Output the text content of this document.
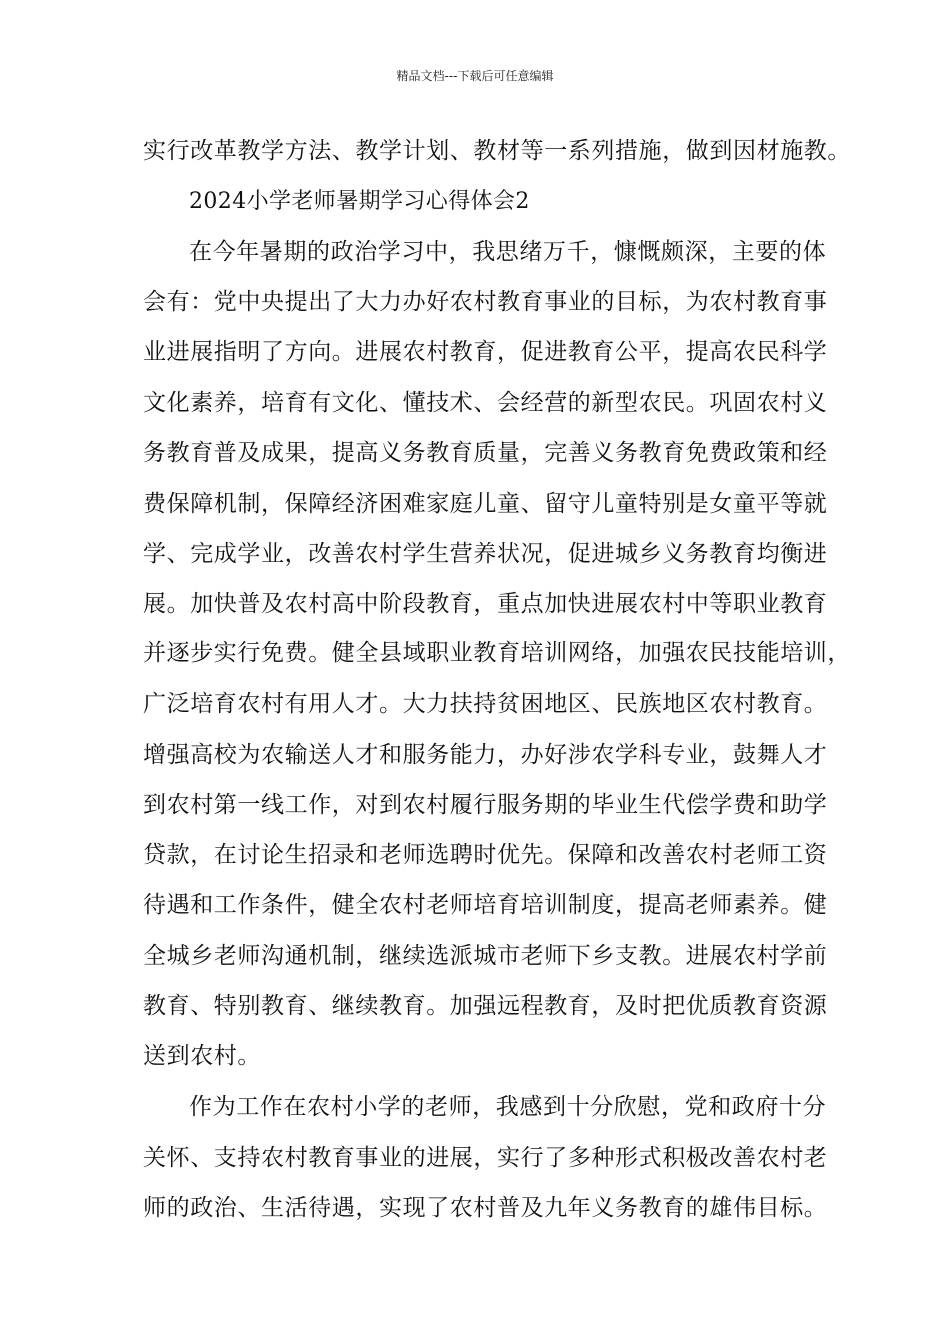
精品文档---下载后可任意编辑
实行改革教学方法、教学计划、教材等一系列措施，做到因材施教。
2024小学老师暑期学习心得体会2
在今年暑期的政治学习中，我思绪万千，慷慨颇深，主要的体
会有：党中央提出了大力办好农村教育事业的目标，为农村教育事
业进展指明了方向。进展农村教育，促进教育公平，提高农民科学
文化素养，培育有文化、懂技术、会经营的新型农民。巩固农村义
务教育普及成果，提高义务教育质量，完善义务教育免费政策和经
费保障机制，保障经济困难家庭儿童、留守儿童特别是女童平等就
学、完成学业，改善农村学生营养状况，促进城乡义务教育均衡进
展。加快普及农村高中阶段教育，重点加快进展农村中等职业教育
并逐步实行免费。健全县域职业教育培训网络，加强农民技能培训，
广泛培育农村有用人才。大力扶持贫困地区、民族地区农村教育。
增强高校为农输送人才和服务能力，办好涉农学科专业，鼓舞人才
到农村第一线工作，对到农村履行服务期的毕业生代偿学费和助学
贷款，在讨论生招录和老师选聘时优先。保障和改善农村老师工资
待遇和工作条件，健全农村老师培育培训制度，提高老师素养。健
全城乡老师沟通机制，继续选派城市老师下乡支教。进展农村学前
教育、特别教育、继续教育。加强远程教育，及时把优质教育资源
送到农村。
作为工作在农村小学的老师，我感到十分欣慰，党和政府十分
关怀、支持农村教育事业的进展，实行了多种形式积极改善农村老
师的政治、生活待遇，实现了农村普及九年义务教育的雄伟目标。
